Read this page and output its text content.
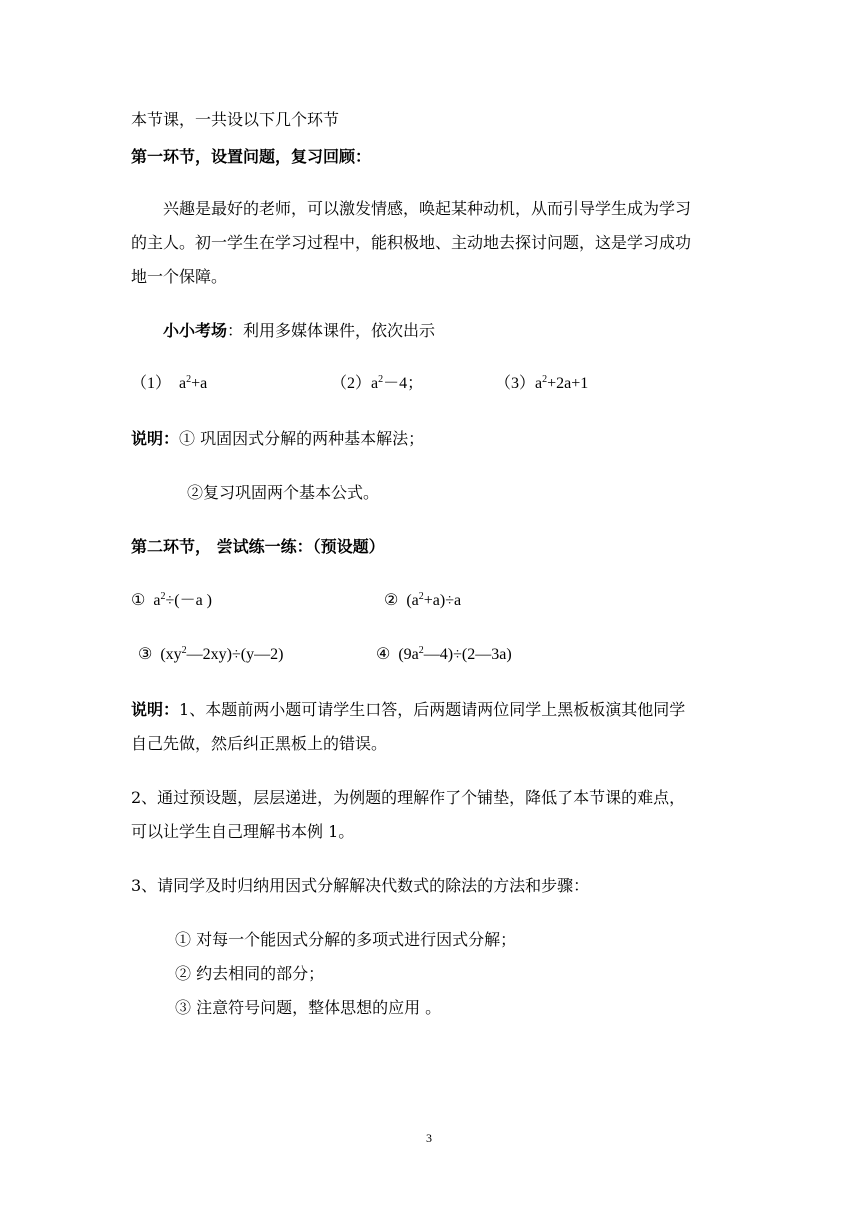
本节课，一共设以下几个环节
第一环节，设置问题，复习回顾：
兴趣是最好的老师，可以激发情感，唤起某种动机，从而引导学生成为学习
的主人。初一学生在学习过程中，能积极地、主动地去探讨问题，这是学习成功
地一个保障。
小小考场：利用多媒体课件，依次出示
（1） $a^2+a$	$(2)a^2-4$；	$(3)a^2+2a+1$
说明：① 巩固因式分解的两种基本解法；
②复习巩固两个基本公式。
第二环节， 尝试练一练：（预设题）
① $a^2\div(-a$ )	② $(a^2+a)\div a$
③ $(xy^2—2xy)\div(y—2)$	④ $(9a^2—4)\div(2—3a)$
说明：1、本题前两小题可请学生口答，后两题请两位同学上黑板板演其他同学
自己先做，然后纠正黑板上的错误。
2、通过预设题，层层递进，为例题的理解作了个铺垫，降低了本节课的难点，
可以让学生自己理解书本例 1。
3、请同学及时归纳用因式分解解决代数式的除法的方法和步骤：
① 对每一个能因式分解的多项式进行因式分解；
② 约去相同的部分；
③ 注意符号问题，整体思想的应用 。
3
